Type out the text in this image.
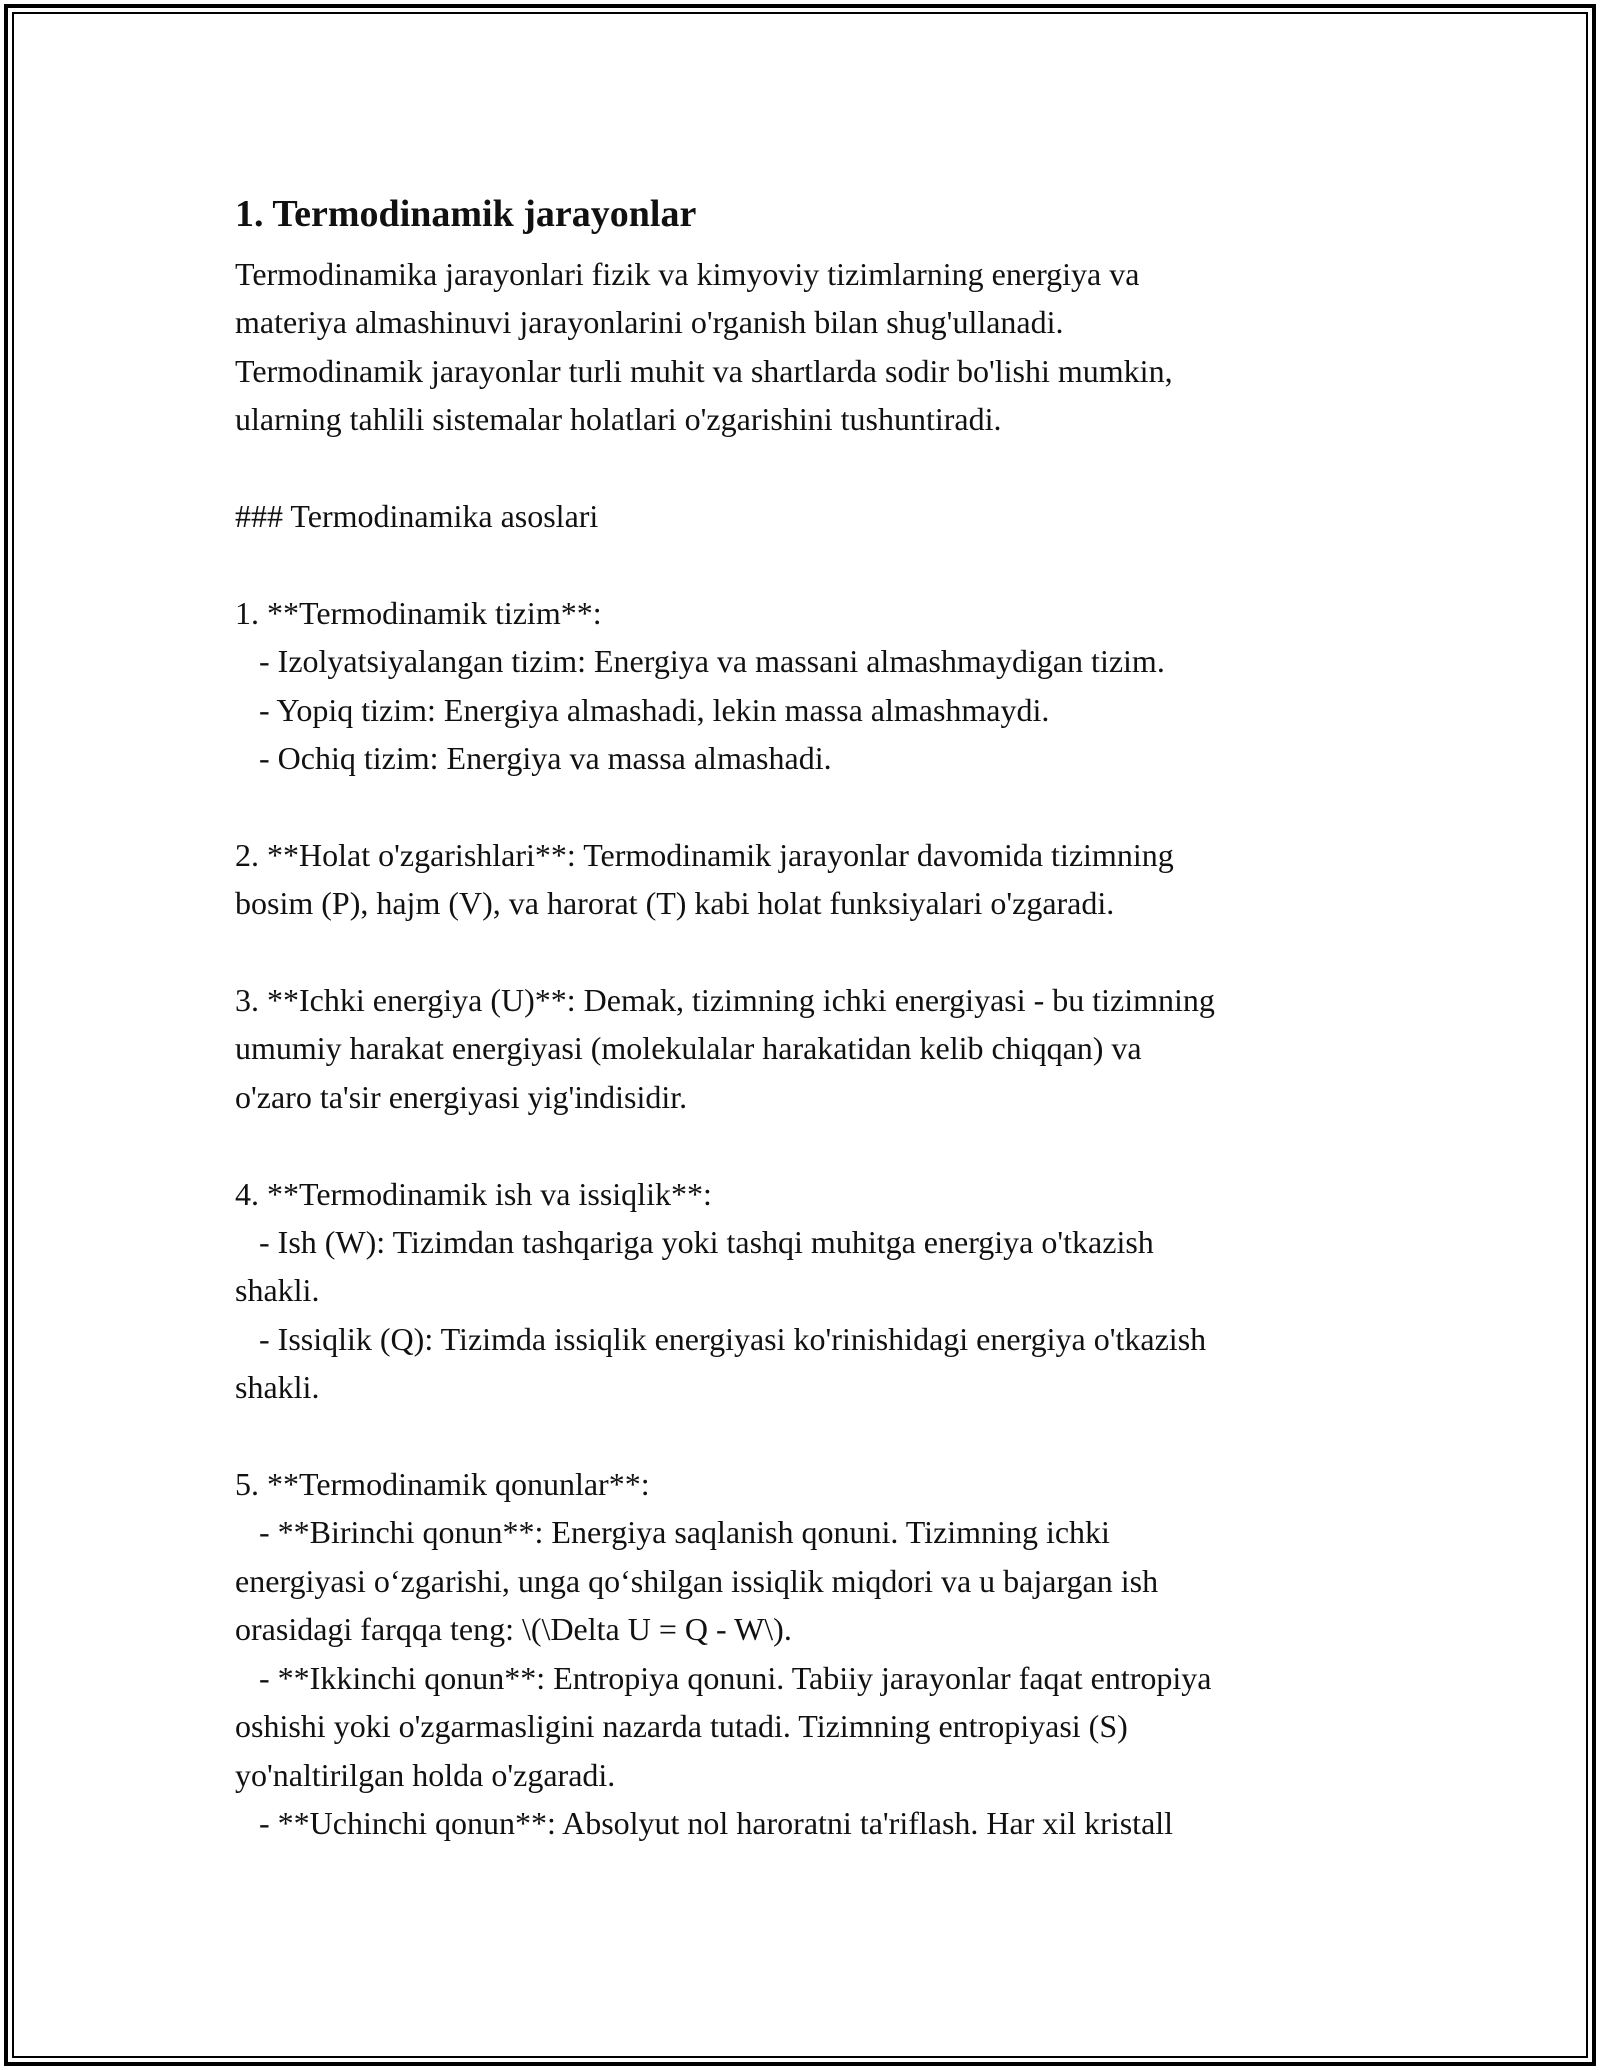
1. Termodinamik jarayonlar
Termodinamika jarayonlari fizik va kimyoviy tizimlarning energiya va
materiya almashinuvi jarayonlarini o'rganish bilan shug'ullanadi.
Termodinamik jarayonlar turli muhit va shartlarda sodir bo'lishi mumkin,
ularning tahlili sistemalar holatlari o'zgarishini tushuntiradi.
### Termodinamika asoslari
1. **Termodinamik tizim**:
- Izolyatsiyalangan tizim: Energiya va massani almashmaydigan tizim.
- Yopiq tizim: Energiya almashadi, lekin massa almashmaydi.
- Ochiq tizim: Energiya va massa almashadi.
2. **Holat o'zgarishlari**: Termodinamik jarayonlar davomida tizimning
bosim (P), hajm (V), va harorat (T) kabi holat funksiyalari o'zgaradi.
3. **Ichki energiya (U)**: Demak, tizimning ichki energiyasi - bu tizimning
umumiy harakat energiyasi (molekulalar harakatidan kelib chiqqan) va
o'zaro ta'sir energiyasi yig'indisidir.
4. **Termodinamik ish va issiqlik**:
- Ish (W): Tizimdan tashqariga yoki tashqi muhitga energiya o'tkazish
shakli.
- Issiqlik (Q): Tizimda issiqlik energiyasi ko'rinishidagi energiya o'tkazish
shakli.
5. **Termodinamik qonunlar**:
- **Birinchi qonun**: Energiya saqlanish qonuni. Tizimning ichki
energiyasi o‘zgarishi, unga qo‘shilgan issiqlik miqdori va u bajargan ish
orasidagi farqqa teng: \(\Delta U = Q - W\).
- **Ikkinchi qonun**: Entropiya qonuni. Tabiiy jarayonlar faqat entropiya
oshishi yoki o'zgarmasligini nazarda tutadi. Tizimning entropiyasi (S)
yo'naltirilgan holda o'zgaradi.
- **Uchinchi qonun**: Absolyut nol haroratni ta'riflash. Har xil kristall
